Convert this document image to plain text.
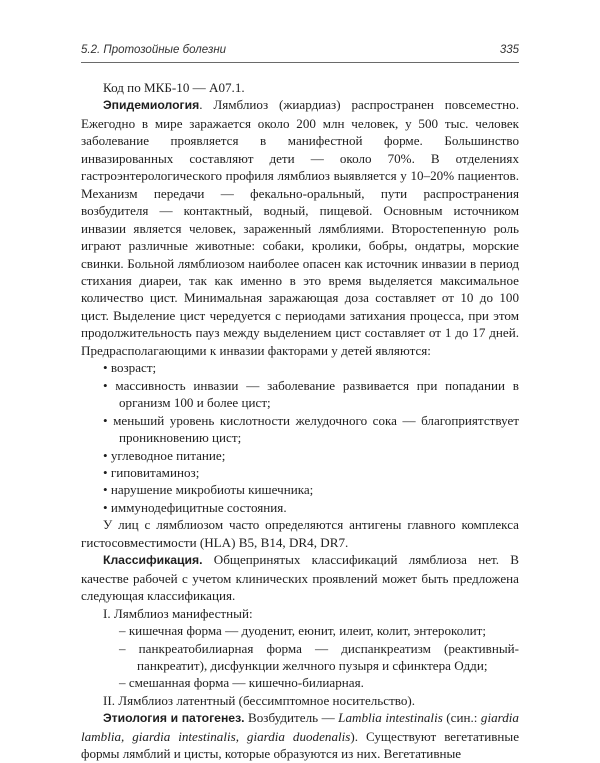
5.2. Протозойные болезни	335

Код по МКБ-10 — А07.1.

Эпидемиология. Лямблиоз (жиардиаз) распространен повсеместно. Ежегодно в мире заражается около 200 млн человек, у 500 тыс. человек заболевание проявляется в манифестной форме. Большинство инвазированных составляют дети — около 70%. В отделениях гастроэнтерологического профиля лямблиоз выявляется у 10–20% пациентов. Механизм передачи — фекально-оральный, пути распространения возбудителя — контактный, водный, пищевой. Основным источником инвазии является человек, зараженный лямблиями. Второстепенную роль играют различные животные: собаки, кролики, бобры, ондатры, морские свинки. Больной лямблиозом наиболее опасен как источник инвазии в период стихания диареи, так как именно в это время выделяется максимальное количество цист. Минимальная заражающая доза составляет от 10 до 100 цист. Выделение цист чередуется с периодами затихания процесса, при этом продолжительность пауз между выделением цист составляет от 1 до 17 дней. Предрасполагающими к инвазии факторами у детей являются:

• возраст;

• массивность инвазии — заболевание развивается при попадании в организм 100 и более цист;

• меньший уровень кислотности желудочного сока — благоприятствует проникновению цист;

• углеводное питание;

• гиповитаминоз;

• нарушение микробиоты кишечника;

• иммунодефицитные состояния.

У лиц с лямблиозом часто определяются антигены главного комплекса гистосовместимости (HLA) B5, B14, DR4, DR7.

Классификация. Общепринятых классификаций лямблиоза нет. В качестве рабочей с учетом клинических проявлений может быть предложена следующая классификация.

I. Лямблиоз манифестный:

– кишечная форма — дуоденит, еюнит, илеит, колит, энтероколит;

– панкреатобилиарная форма — диспанкреатизм (реактивный-панкреатит), дисфункции желчного пузыря и сфинктера Одди;

– смешанная форма — кишечно-билиарная.

II. Лямблиоз латентный (бессимптомное носительство).

Этиология и патогенез. Возбудитель — Lamblia intestinalis (син.: giardia lamblia, giardia intestinalis, giardia duodenalis). Существуют вегетативные формы лямблий и цисты, которые образуются из них. Вегетативные
